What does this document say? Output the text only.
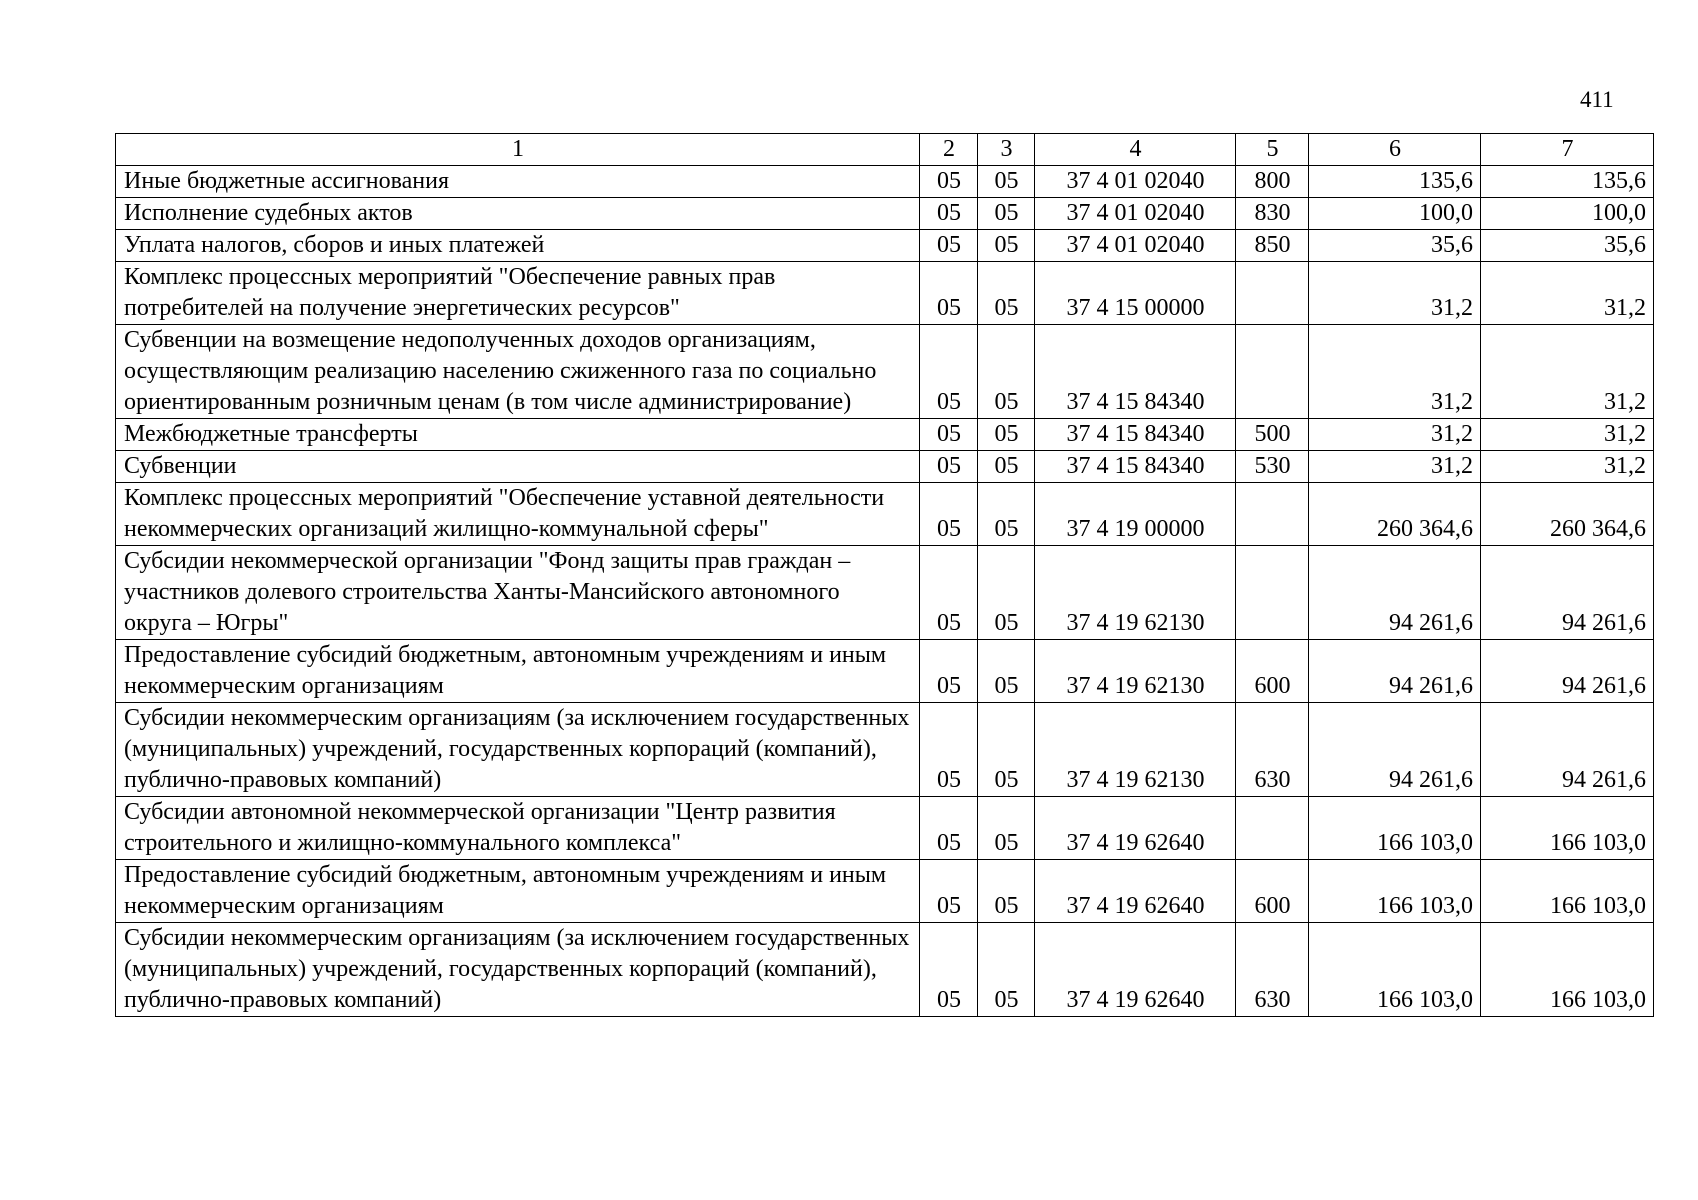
411
1	2	3	4	5	6	7
Иные бюджетные ассигнования	05	05	37 4 01 02040	800	135,6	135,6
Исполнение судебных актов	05	05	37 4 01 02040	830	100,0	100,0
Уплата налогов, сборов и иных платежей	05	05	37 4 01 02040	850	35,6	35,6
Комплекс процессных мероприятий "Обеспечение равных прав потребителей на получение энергетических ресурсов"	05	05	37 4 15 00000		31,2	31,2
Субвенции на возмещение недополученных доходов организациям, осуществляющим реализацию населению сжиженного газа по социально ориентированным розничным ценам (в том числе администрирование)	05	05	37 4 15 84340		31,2	31,2
Межбюджетные трансферты	05	05	37 4 15 84340	500	31,2	31,2
Субвенции	05	05	37 4 15 84340	530	31,2	31,2
Комплекс процессных мероприятий "Обеспечение уставной деятельности некоммерческих организаций жилищно-коммунальной сферы"	05	05	37 4 19 00000		260 364,6	260 364,6
Субсидии некоммерческой организации "Фонд защиты прав граждан – участников долевого строительства Ханты-Мансийского автономного округа – Югры"	05	05	37 4 19 62130		94 261,6	94 261,6
Предоставление субсидий бюджетным, автономным учреждениям и иным некоммерческим организациям	05	05	37 4 19 62130	600	94 261,6	94 261,6
Субсидии некоммерческим организациям (за исключением государственных (муниципальных) учреждений, государственных корпораций (компаний), публично-правовых компаний)	05	05	37 4 19 62130	630	94 261,6	94 261,6
Субсидии автономной некоммерческой организации "Центр развития строительного и жилищно-коммунального комплекса"	05	05	37 4 19 62640		166 103,0	166 103,0
Предоставление субсидий бюджетным, автономным учреждениям и иным некоммерческим организациям	05	05	37 4 19 62640	600	166 103,0	166 103,0
Субсидии некоммерческим организациям (за исключением государственных (муниципальных) учреждений, государственных корпораций (компаний), публично-правовых компаний)	05	05	37 4 19 62640	630	166 103,0	166 103,0
